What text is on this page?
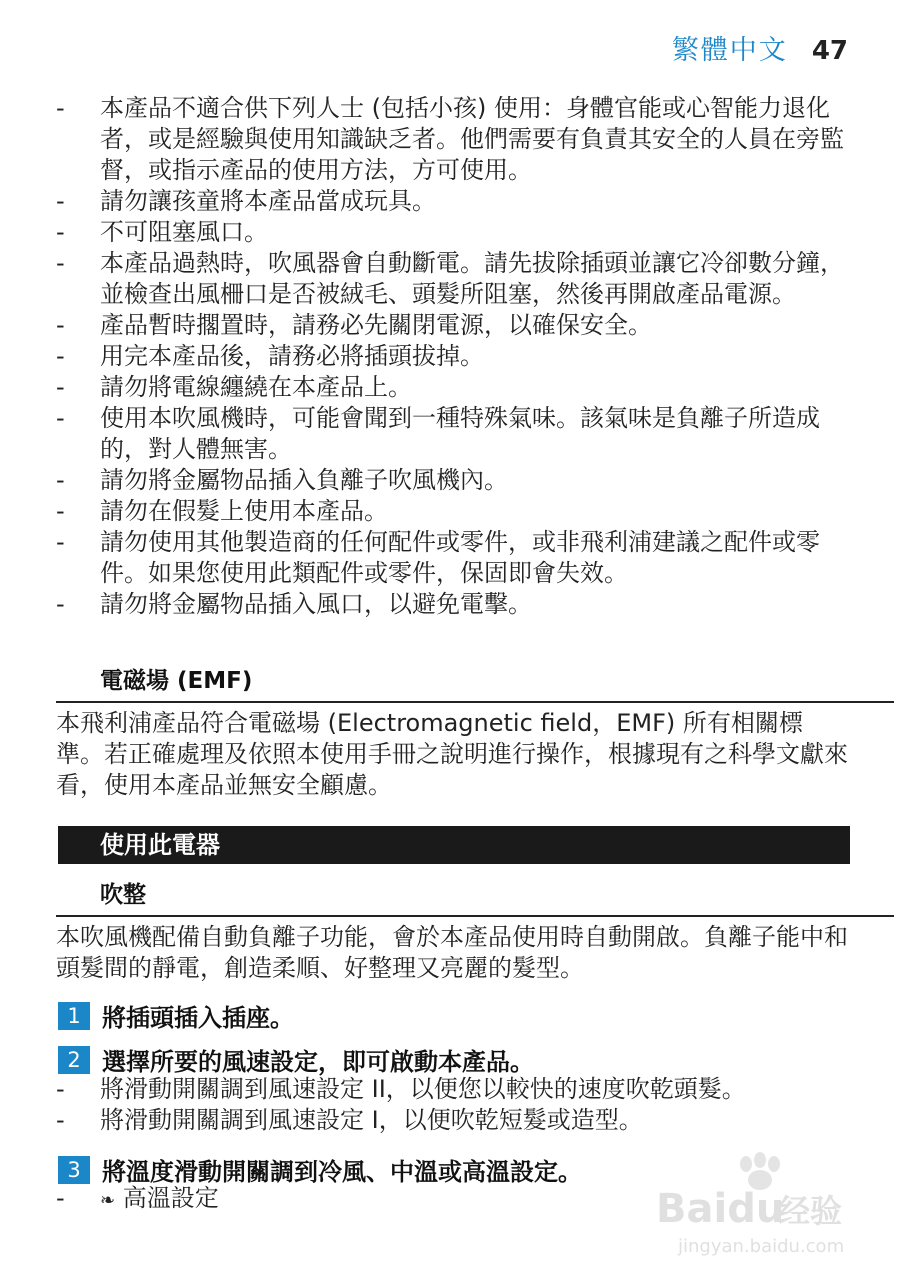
繁體中文 47
-	本產品不適合供下列人士 (包括小孩) 使用：身體官能或心智能力退化者，或是經驗與使用知識缺乏者。他們需要有負責其安全的人員在旁監督，或指示產品的使用方法，方可使用。
-	請勿讓孩童將本產品當成玩具。
-	不可阻塞風口。
-	本產品過熱時，吹風器會自動斷電。請先拔除插頭並讓它冷卻數分鐘，並檢查出風柵口是否被絨毛、頭髮所阻塞，然後再開啟產品電源。
-	產品暫時擱置時，請務必先關閉電源，以確保安全。
-	用完本產品後，請務必將插頭拔掉。
-	請勿將電線纏繞在本產品上。
-	使用本吹風機時，可能會聞到一種特殊氣味。該氣味是負離子所造成的，對人體無害。
-	請勿將金屬物品插入負離子吹風機內。
-	請勿在假髮上使用本產品。
-	請勿使用其他製造商的任何配件或零件，或非飛利浦建議之配件或零件。如果您使用此類配件或零件，保固即會失效。
-	請勿將金屬物品插入風口，以避免電擊。
電磁場 (EMF)
本飛利浦產品符合電磁場 (Electromagnetic field，EMF) 所有相關標準。若正確處理及依照本使用手冊之說明進行操作，根據現有之科學文獻來看，使用本產品並無安全顧慮。
使用此電器
吹整
本吹風機配備自動負離子功能，會於本產品使用時自動開啟。負離子能中和頭髮間的靜電，創造柔順、好整理又亮麗的髮型。
1 將插頭插入插座。
2 選擇所要的風速設定，即可啟動本產品。
-	將滑動開關調到風速設定 II，以便您以較快的速度吹乾頭髮。
-	將滑動開關調到風速設定 I，以便吹乾短髮或造型。
3 將溫度滑動開關調到冷風、中溫或高溫設定。
-	❧ 高溫設定	Baidu
经验
jingyan.baidu.com
